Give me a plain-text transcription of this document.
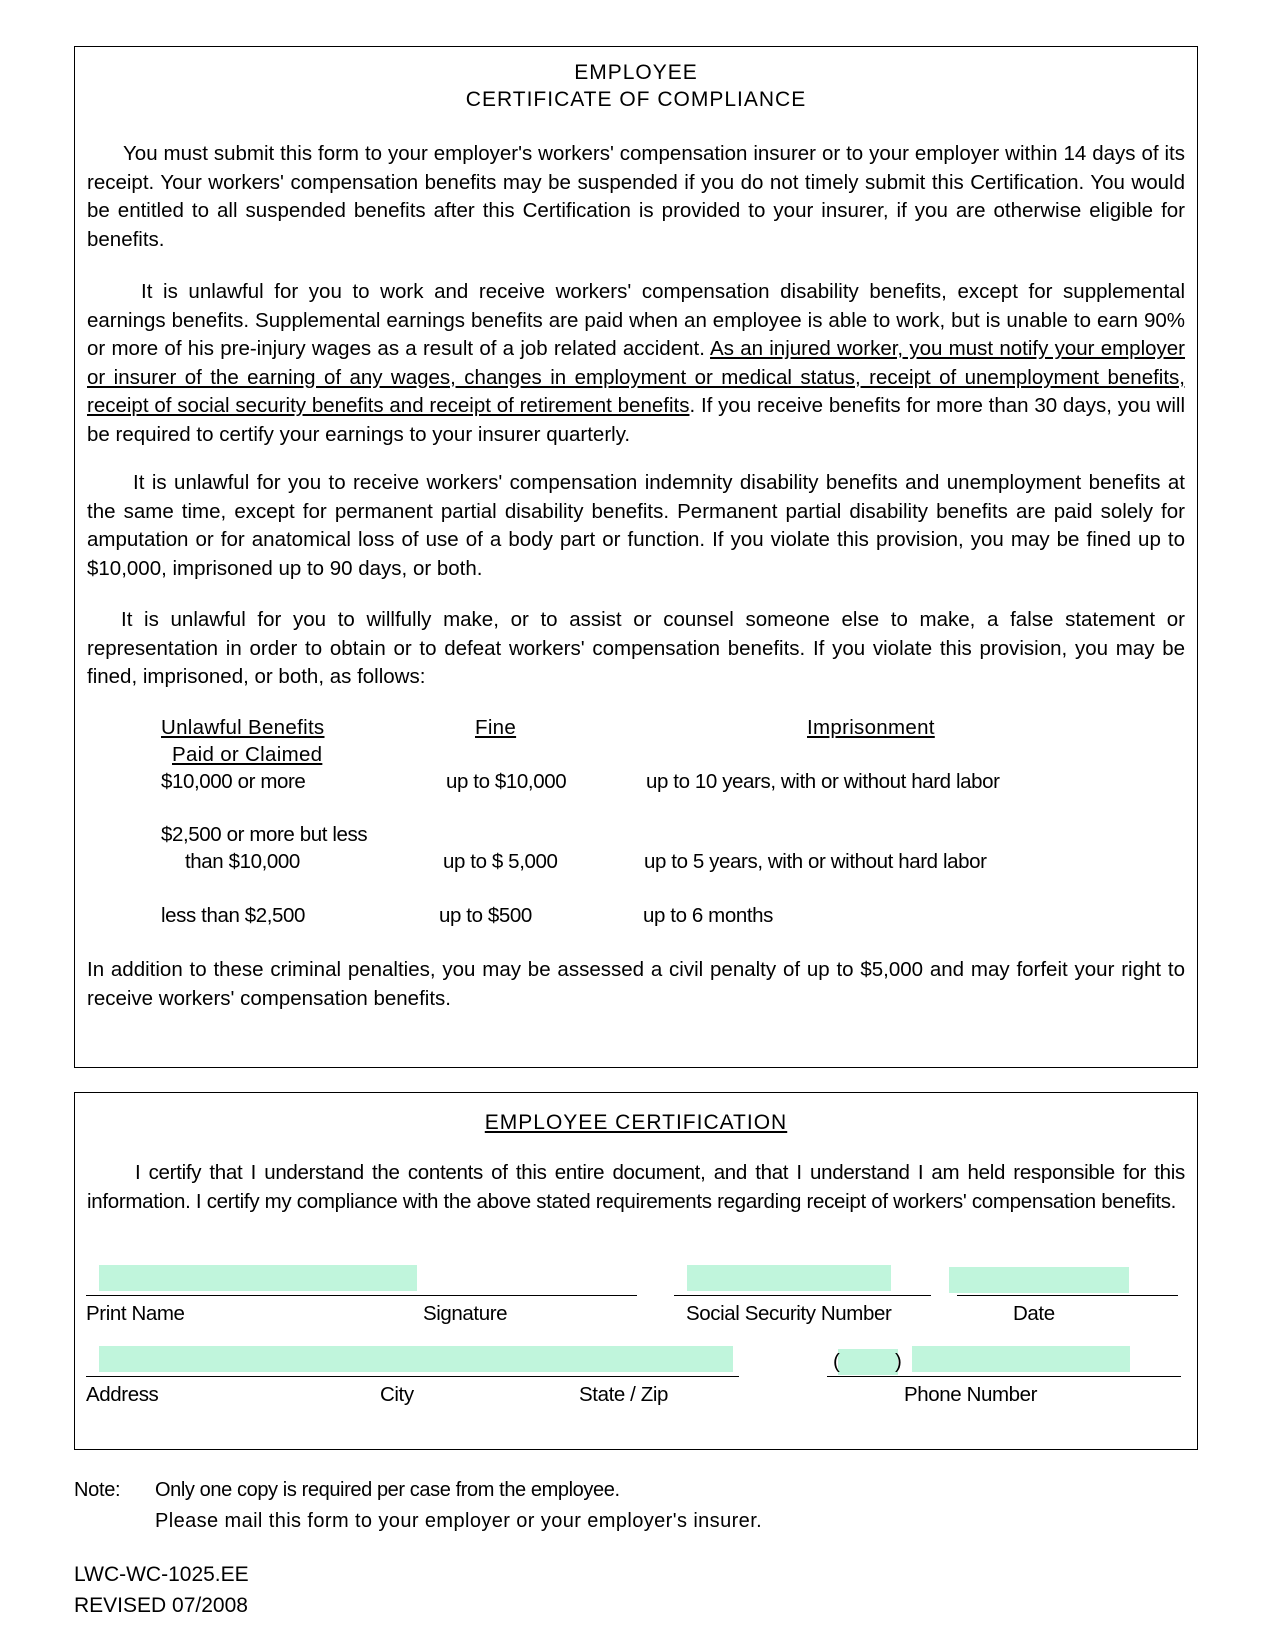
EMPLOYEE
CERTIFICATE OF COMPLIANCE
You must submit this form to your employer's workers' compensation insurer or to your employer within 14 days of its receipt. Your workers' compensation benefits may be suspended if you do not timely submit this Certification. You would be entitled to all suspended benefits after this Certification is provided to your insurer, if you are otherwise eligible for benefits.
It is unlawful for you to work and receive workers' compensation disability benefits, except for supplemental earnings benefits. Supplemental earnings benefits are paid when an employee is able to work, but is unable to earn 90% or more of his pre-injury wages as a result of a job related accident. As an injured worker, you must notify your employer or insurer of the earning of any wages, changes in employment or medical status, receipt of unemployment benefits, receipt of social security benefits and receipt of retirement benefits. If you receive benefits for more than 30 days, you will be required to certify your earnings to your insurer quarterly.
It is unlawful for you to receive workers' compensation indemnity disability benefits and unemployment benefits at the same time, except for permanent partial disability benefits. Permanent partial disability benefits are paid solely for amputation or for anatomical loss of use of a body part or function. If you violate this provision, you may be fined up to $10,000, imprisoned up to 90 days, or both.
It is unlawful for you to willfully make, or to assist or counsel someone else to make, a false statement or representation in order to obtain or to defeat workers' compensation benefits. If you violate this provision, you may be fined, imprisoned, or both, as follows:
Unlawful Benefits
Paid or Claimed
Fine	Imprisonment
$10,000 or more	up to $10,000	up to 10 years, with or without hard labor
$2,500 or more but less
than $10,000	up to $ 5,000	up to 5 years, with or without hard labor
less than $2,500	up to $500	up to 6 months
In addition to these criminal penalties, you may be assessed a civil penalty of up to $5,000 and may forfeit your right to receive workers' compensation benefits.
EMPLOYEE CERTIFICATION
I certify that I understand the contents of this entire document, and that I understand I am held responsible for this information. I certify my compliance with the above stated requirements regarding receipt of workers' compensation benefits.
Print Name	Signature	Social Security Number	Date
(	)
Address	City	State / Zip	Phone Number
Note: Only one copy is required per case from the employee.
Please mail this form to your employer or your employer's insurer.
LWC-WC-1025.EE
REVISED 07/2008
